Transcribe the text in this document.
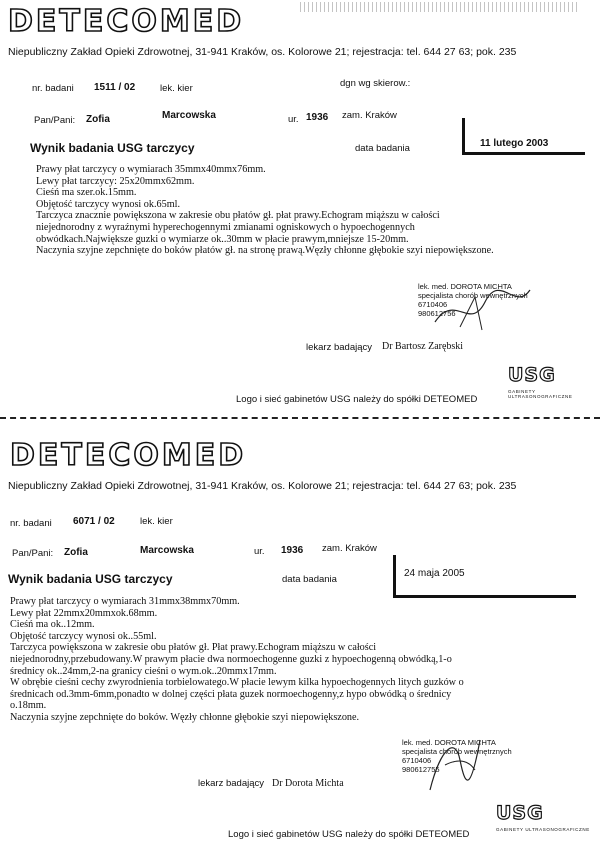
DETECOMED
Niepubliczny Zakład Opieki Zdrowotnej, 31-941 Kraków, os. Kolorowe 21; rejestracja: tel. 644 27 63; pok. 235
nr. badani 1511 / 02	lek. kier	dgn wg skierow.:
Pan/Pani: Zofia	Marcowska	ur. 1936 zam. Kraków
Wynik badania USG tarczycy	data badania	11 lutego 2003
Prawy płat tarczycy o wymiarach 35mmx40mmx76mm.
Lewy płat tarczycy: 25x20mmx62mm.
Cieśń ma szer.ok.15mm.
Objętość tarczycy wynosi ok.65ml.
Tarczyca znacznie powiększona w zakresie obu płatów gł. płat prawy.Echogram miąższu w całości
niejednorodny z wyraźnymi hyperechogennymi zmianami ogniskowych o hypoechogennych
obwódkach.Największe guzki o wymiarze ok..30mm w płacie prawym,mniejsze 15-20mm.
Naczynia szyjne zepchnięte do boków płatów gł. na stronę prawą.Węzły chłonne głębokie szyi niepowiększone.
lek. med. DOROTA MICHTA
specjalista chorób wewnętrznych
6710406
980612756
lekarz badający Dr Bartosz Zarębski
Logo i sieć gabinetów USG należy do spółki DETEOMED
USG
GABINETY ULTRASONOGRAFICZNE
DETECOMED
Niepubliczny Zakład Opieki Zdrowotnej, 31-941 Kraków, os. Kolorowe 21; rejestracja: tel. 644 27 63; pok. 235
nr. badani 6071 / 02	lek. kier
Pan/Pani: Zofia	Marcowska	ur. 1936 zam. Kraków
Wynik badania USG tarczycy	data badania
24 maja 2005
Prawy płat tarczycy o wymiarach 31mmx38mmx70mm.
Lewy płat 22mmx20mmxok.68mm.
Cieśń ma ok..12mm.
Objętość tarczycy wynosi ok..55ml.
Tarczyca powiększona w zakresie obu płatów gł. Płat prawy.Echogram miąższu w całości
niejednorodny,przebudowany.W prawym płacie dwa normoechogenne guzki z hypoechogenną obwódką,1-o
średnicy ok..24mm,2-na granicy cieśni o wym.ok..20mmx17mm.
W obrębie cieśni cechy zwyrodnienia torbielowatego.W płacie lewym kilka hypoechogennych litych guzków o
średnicach od.3mm-6mm,ponadto w dolnej części płata guzek normoechogenny,z hypo obwódką o średnicy
o.18mm.
Naczynia szyjne zepchnięte do boków. Węzły chłonne głębokie szyi niepowiększone.
lek. med. DOROTA MICHTA
specjalista chorób wewnętrznych
6710406
980612755
lekarz badający Dr Dorota Michta
Logo i sieć gabinetów USG należy do spółki DETEOMED
USG
GABINETY ULTRASONOGRAFICZNE
